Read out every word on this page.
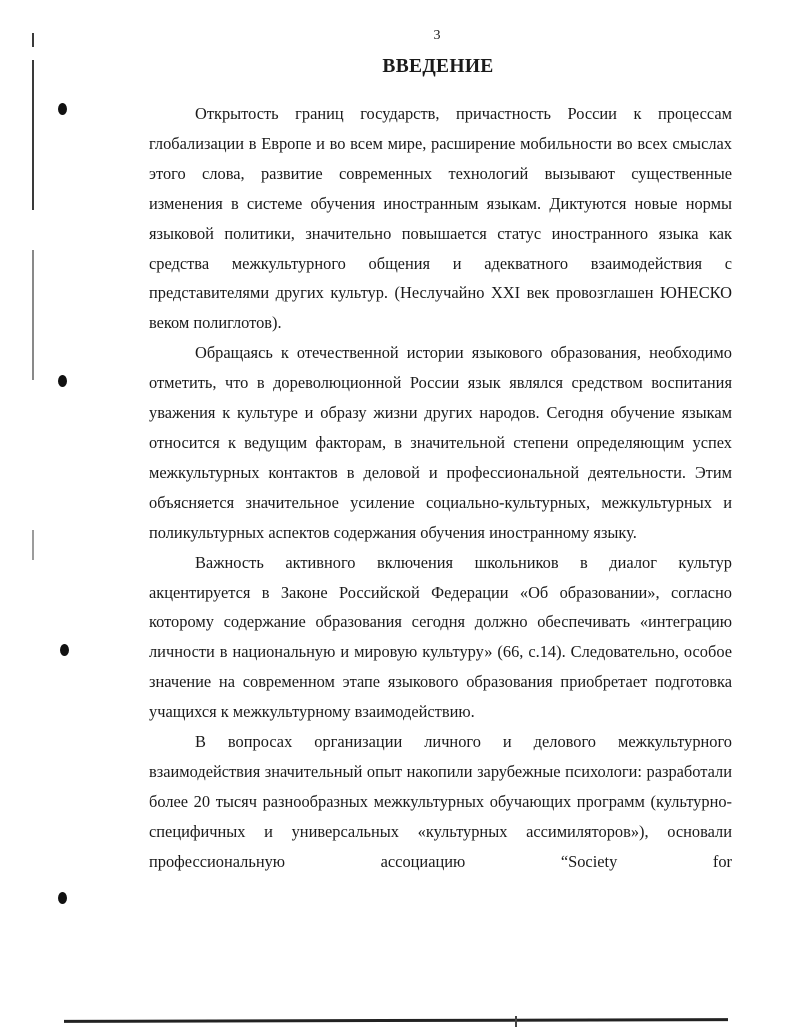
3
ВВЕДЕНИЕ

Открытость границ государств, причастность России к процессам глобализации в Европе и во всем мире, расширение мобильности во всех смыслах этого слова, развитие современных технологий вызывают существенные изменения в системе обучения иностранным языкам. Диктуются новые нормы языковой политики, значительно повышается статус иностранного языка как средства межкультурного общения и адекватного взаимодействия с представителями других культур. (Неслучайно XXI век провозглашен ЮНЕСКО веком полиглотов).

Обращаясь к отечественной истории языкового образования, необходимо отметить, что в дореволюционной России язык являлся средством воспитания уважения к культуре и образу жизни других народов. Сегодня обучение языкам относится к ведущим факторам, в значительной степени определяющим успех межкультурных контактов в деловой и профессиональной деятельности. Этим объясняется значительное усиление социально-культурных, межкультурных и поликультурных аспектов содержания обучения иностранному языку.

Важность активного включения школьников в диалог культур акцентируется в Законе Российской Федерации «Об образовании», согласно которому содержание образования сегодня должно обеспечивать «интеграцию личности в национальную и мировую культуру» (66, с.14). Следовательно, особое значение на современном этапе языкового образования приобретает подготовка учащихся к межкультурному взаимодействию.

В вопросах организации личного и делового межкультурного взаимодействия значительный опыт накопили зарубежные психологи: разработали более 20 тысяч разнообразных межкультурных обучающих программ (культурно-специфичных и универсальных «культурных ассимиляторов»), основали профессиональную ассоциацию “Society for
